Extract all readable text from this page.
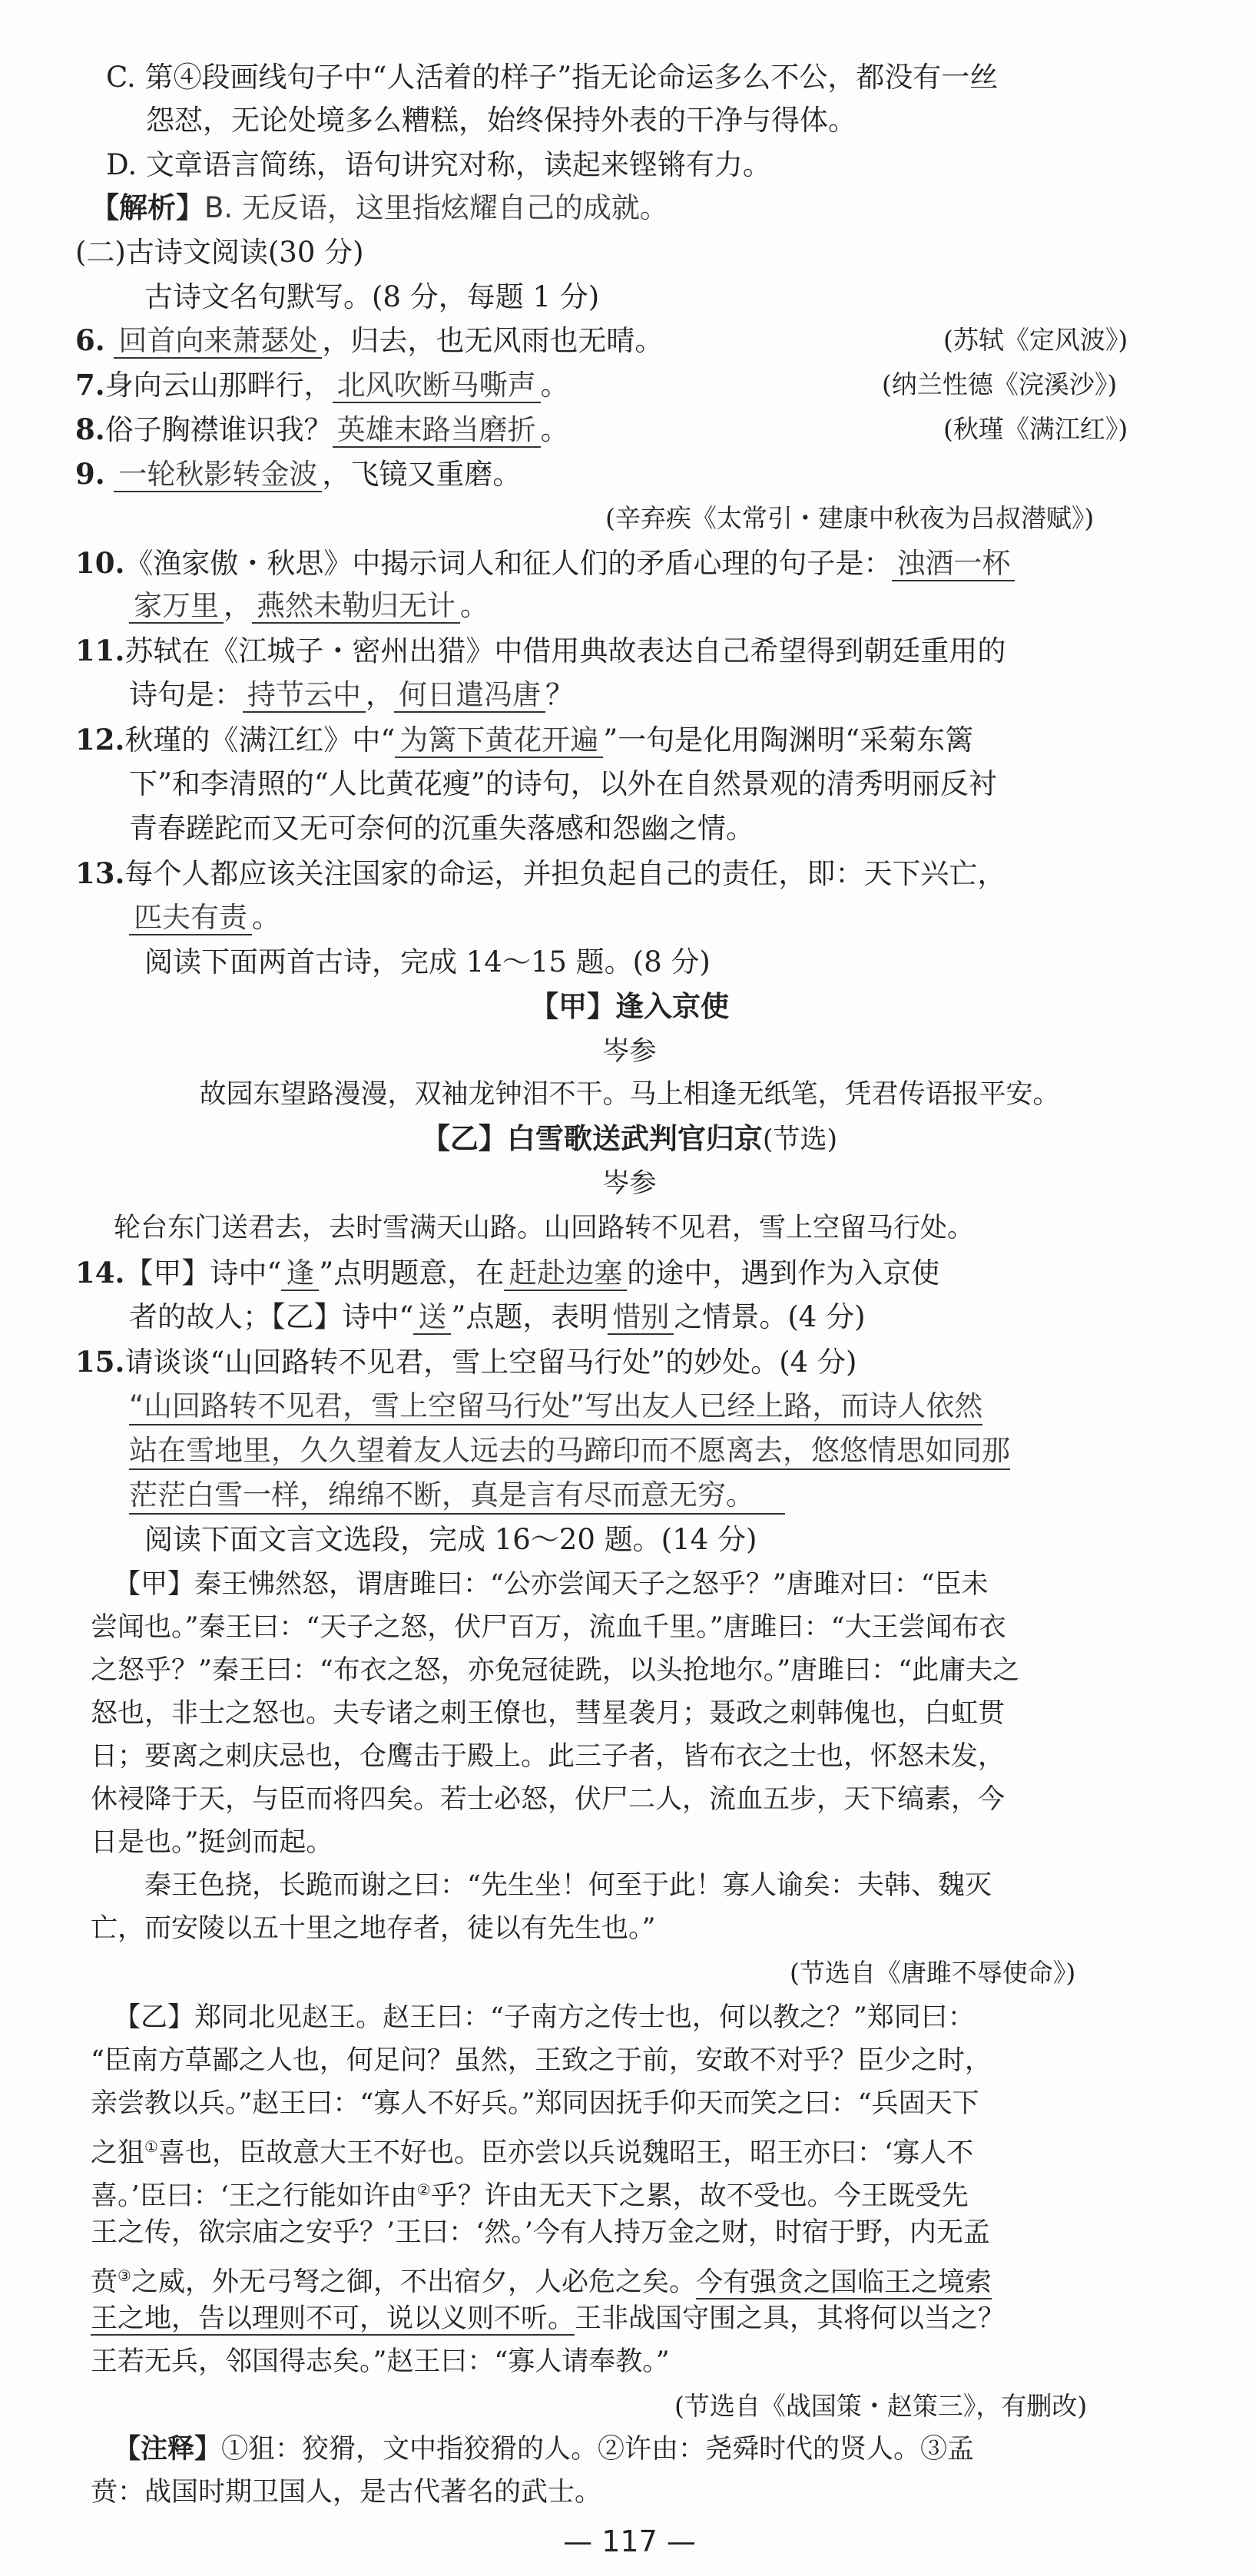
C. 第④段画线句子中“人活着的样子”指无论命运多么不公，都没有一丝
怨怼，无论处境多么糟糕，始终保持外表的干净与得体。
D. 文章语言简练，语句讲究对称，读起来铿锵有力。
【解析】B. 无反语，这里指炫耀自己的成就。
(二)古诗文阅读(30 分)
古诗文名句默写。(8 分，每题 1 分)
6. 回首向来萧瑟处 ，归去，也无风雨也无晴。	(苏轼《定风波》)
7.身向云山那畔行， 北风吹断马嘶声 。	(纳兰性德《浣溪沙》)
8.俗子胸襟谁识我？ 英雄末路当磨折 。	(秋瑾《满江红》)
9. 一轮秋影转金波 ，飞镜又重磨。
(辛弃疾《太常引・建康中秋夜为吕叔潜赋》)
10.《渔家傲・秋思》中揭示词人和征人们的矛盾心理的句子是： 浊酒一杯
家万里 ， 燕然未勒归无计 。
11.苏轼在《江城子・密州出猎》中借用典故表达自己希望得到朝廷重用的
诗句是： 持节云中 ， 何日遣冯唐 ？
12.秋瑾的《满江红》中“ 为篱下黄花开遍 ”一句是化用陶渊明“采菊东篱
下”和李清照的“人比黄花瘦”的诗句，以外在自然景观的清秀明丽反衬
青春蹉跎而又无可奈何的沉重失落感和怨幽之情。
13.每个人都应该关注国家的命运，并担负起自己的责任，即：天下兴亡，
匹夫有责 。
阅读下面两首古诗，完成 14～15 题。(8 分)
【甲】逢入京使
岑参
故园东望路漫漫，双袖龙钟泪不干。马上相逢无纸笔，凭君传语报平安。
【乙】白雪歌送武判官归京(节选)
岑参
轮台东门送君去，去时雪满天山路。山回路转不见君，雪上空留马行处。
14.【甲】诗中“ 逢 ”点明题意，在 赶赴边塞 的途中，遇到作为入京使
者的故人；【乙】诗中“ 送 ”点题，表明 惜别 之情景。(4 分)
15.请谈谈“山回路转不见君，雪上空留马行处”的妙处。(4 分)
“山回路转不见君，雪上空留马行处”写出友人已经上路，而诗人依然
站在雪地里，久久望着友人远去的马蹄印而不愿离去，悠悠情思如同那
茫茫白雪一样，绵绵不断，真是言有尽而意无穷。
阅读下面文言文选段，完成 16～20 题。(14 分)
【甲】秦王怫然怒，谓唐雎曰：“公亦尝闻天子之怒乎？”唐雎对曰：“臣未
尝闻也。”秦王曰：“天子之怒，伏尸百万，流血千里。”唐雎曰：“大王尝闻布衣
之怒乎？”秦王曰：“布衣之怒，亦免冠徒跣，以头抢地尔。”唐雎曰：“此庸夫之
怒也，非士之怒也。夫专诸之刺王僚也，彗星袭月；聂政之刺韩傀也，白虹贯
日；要离之刺庆忌也，仓鹰击于殿上。此三子者，皆布衣之士也，怀怒未发，
休祲降于天，与臣而将四矣。若士必怒，伏尸二人，流血五步，天下缟素，今
日是也。”挺剑而起。
秦王色挠，长跪而谢之曰：“先生坐！何至于此！寡人谕矣：夫韩、魏灭
亡，而安陵以五十里之地存者，徒以有先生也。”
(节选自《唐雎不辱使命》)
【乙】郑同北见赵王。赵王曰：“子南方之传士也，何以教之？”郑同曰：
“臣南方草鄙之人也，何足问？虽然，王致之于前，安敢不对乎？臣少之时，
亲尝教以兵。”赵王曰：“寡人不好兵。”郑同因抚手仰天而笑之曰：“兵固天下
之狙①喜也，臣故意大王不好也。臣亦尝以兵说魏昭王，昭王亦曰：‘寡人不
喜。’臣曰：‘王之行能如许由②乎？许由无天下之累，故不受也。今王既受先
王之传，欲宗庙之安乎？’王曰：‘然。’今有人持万金之财，时宿于野，内无孟
贲③之威，外无弓弩之御，不出宿夕，人必危之矣。今有强贪之国临王之境索
王之地，告以理则不可，说以义则不听。王非战国守围之具，其将何以当之？
王若无兵，邻国得志矣。”赵王曰：“寡人请奉教。”
(节选自《战国策・赵策三》，有删改)
【注释】①狙：狡猾，文中指狡猾的人。②许由：尧舜时代的贤人。③孟
贲：战国时期卫国人，是古代著名的武士。
— 117 —
